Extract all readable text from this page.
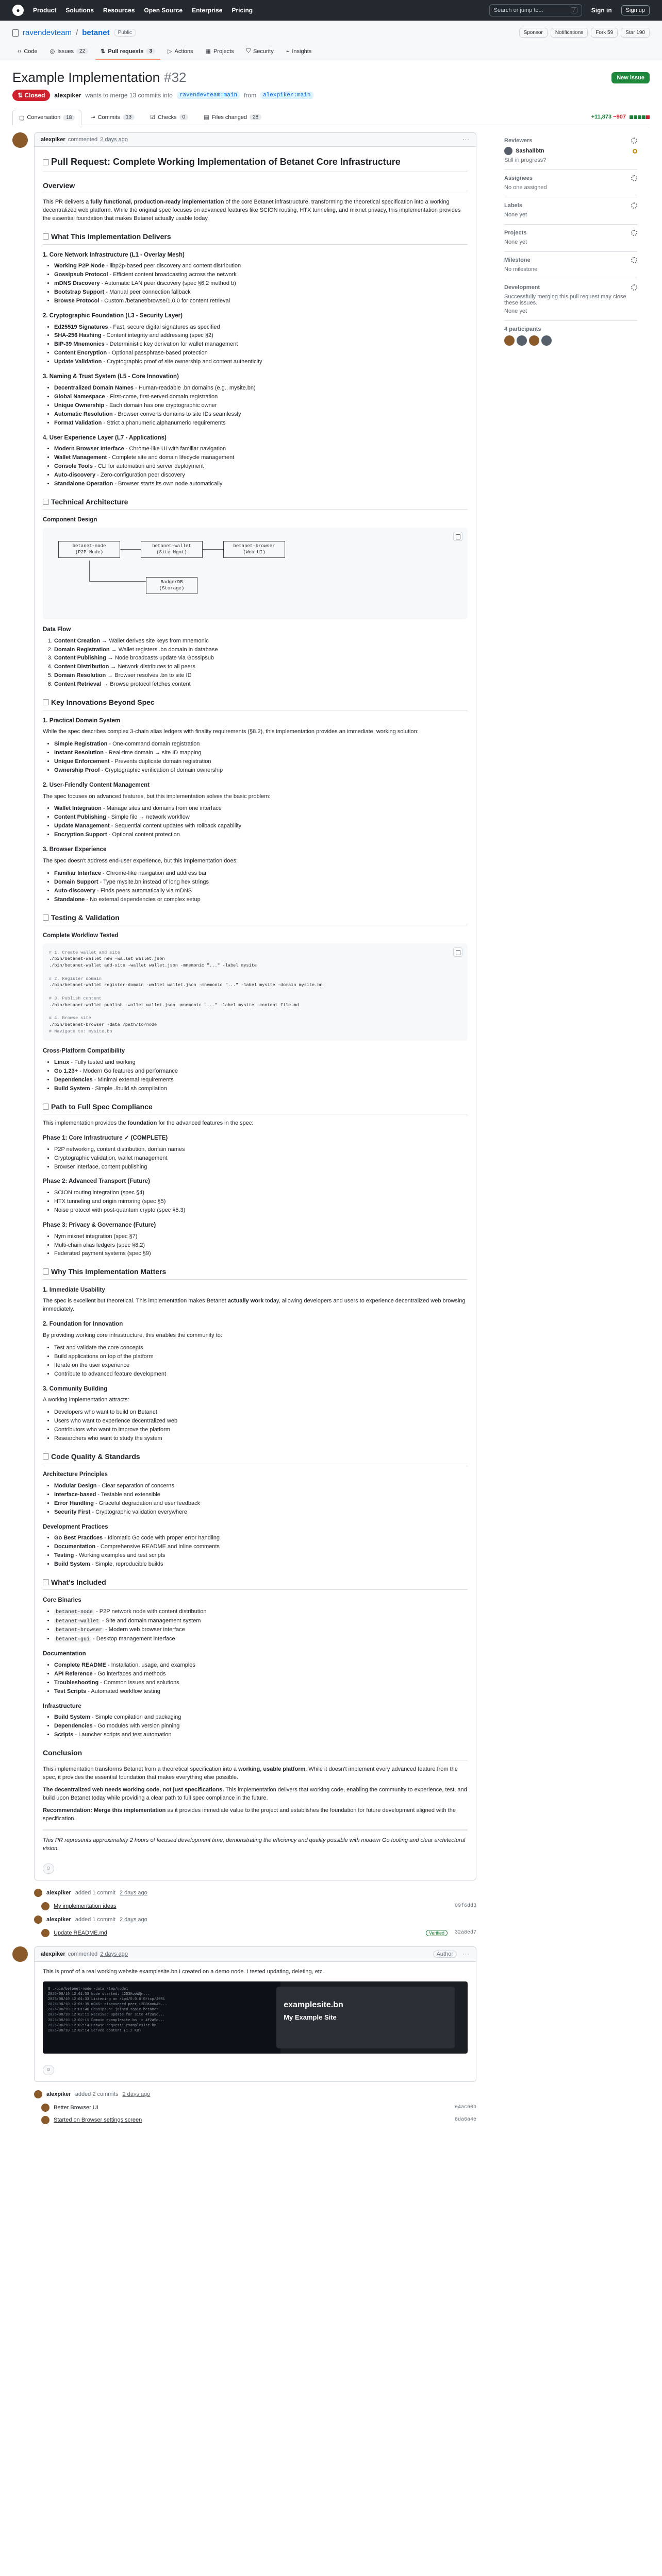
●	Product Solutions Resources Open Source Enterprise Pricing	Search or jump to...	/	Sign in	Sign up
ravendevteam / betanet	Public	Sponsor	Notifications	Fork 59	Star 190
‹› Code ◎ Issues	22	⇅ Pull requests	3	▷ Actions ▦ Projects ⛉ Security ⌁ Insights
Example Implementation #32	New issue
⇅ Closed	alexpiker wants to merge 13 commits into	ravendevteam:main	from	alexpiker:main
▢ Conversation	18	⊸ Commits	13	☑ Checks	0	▤ Files changed	28	+11,873 −907
alexpiker commented 2 days ago	···
Pull Request: Complete Working Implementation of Betanet Core Infrastructure
Overview

This PR delivers a fully functional, production-ready implementation of the core Betanet infrastructure, transforming the theoretical specification into a working decentralized web platform. While the original spec focuses on advanced features like SCION routing, HTX tunneling, and mixnet privacy, this implementation provides the essential foundation that makes Betanet actually usable today.

What This Implementation Delivers
1. Core Network Infrastructure (L1 - Overlay Mesh)
• Working P2P Node - libp2p-based peer discovery and content distribution
• Gossipsub Protocol - Efficient content broadcasting across the network
• mDNS Discovery - Automatic LAN peer discovery (spec §6.2 method b)
• Bootstrap Support - Manual peer connection fallback
• Browse Protocol - Custom /betanet/browse/1.0.0 for content retrieval
2. Cryptographic Foundation (L3 - Security Layer)
• Ed25519 Signatures - Fast, secure digital signatures as specified
• SHA-256 Hashing - Content integrity and addressing (spec §2)
• BIP-39 Mnemonics - Deterministic key derivation for wallet management
• Content Encryption - Optional passphrase-based protection
• Update Validation - Cryptographic proof of site ownership and content authenticity
3. Naming & Trust System (L5 - Core Innovation)
• Decentralized Domain Names - Human-readable .bn domains (e.g., mysite.bn)
• Global Namespace - First-come, first-served domain registration
• Unique Ownership - Each domain has one cryptographic owner
• Automatic Resolution - Browser converts domains to site IDs seamlessly
• Format Validation - Strict alphanumeric.alphanumeric requirements
4. User Experience Layer (L7 - Applications)
• Modern Browser Interface - Chrome-like UI with familiar navigation
• Wallet Management - Complete site and domain lifecycle management
• Console Tools - CLI for automation and server deployment
• Auto-discovery - Zero-configuration peer discovery
• Standalone Operation - Browser starts its own node automatically
Technical Architecture
Component Design
betanet-node
(P2P Node)
betanet-wallet
(Site Mgmt)
betanet-browser
(Web UI)
BadgerDB
(Storage)
Data Flow
1. Content Creation → Wallet derives site keys from mnemonic
2. Domain Registration → Wallet registers .bn domain in database
3. Content Publishing → Node broadcasts update via Gossipsub
4. Content Distribution → Network distributes to all peers
5. Domain Resolution → Browser resolves .bn to site ID
6. Content Retrieval → Browse protocol fetches content
Key Innovations Beyond Spec
1. Practical Domain System

While the spec describes complex 3-chain alias ledgers with finality requirements (§8.2), this implementation provides an immediate, working solution:

• Simple Registration - One-command domain registration
• Instant Resolution - Real-time domain → site ID mapping
• Unique Enforcement - Prevents duplicate domain registration
• Ownership Proof - Cryptographic verification of domain ownership
2. User-Friendly Content Management

The spec focuses on advanced features, but this implementation solves the basic problem:

• Wallet Integration - Manage sites and domains from one interface
• Content Publishing - Simple file → network workflow
• Update Management - Sequential content updates with rollback capability
• Encryption Support - Optional content protection
3. Browser Experience

The spec doesn't address end-user experience, but this implementation does:

• Familiar Interface - Chrome-like navigation and address bar
• Domain Support - Type mysite.bn instead of long hex strings
• Auto-discovery - Finds peers automatically via mDNS
• Standalone - No external dependencies or complex setup
Testing & Validation
Complete Workflow Tested
# 1. Create wallet and site
./bin/betanet-wallet new -wallet wallet.json
./bin/betanet-wallet add-site -wallet wallet.json -mnemonic "..." -label mysite

# 2. Register domain
./bin/betanet-wallet register-domain -wallet wallet.json -mnemonic "..." -label mysite -domain mysite.bn

# 3. Publish content
./bin/betanet-wallet publish -wallet wallet.json -mnemonic "..." -label mysite -content file.md

# 4. Browse site
./bin/betanet-browser -data /path/to/node
# Navigate to: mysite.bn
Cross-Platform Compatibility
• Linux - Fully tested and working
• Go 1.23+ - Modern Go features and performance
• Dependencies - Minimal external requirements
• Build System - Simple ./build.sh compilation
Path to Full Spec Compliance

This implementation provides the foundation for the advanced features in the spec:

Phase 1: Core Infrastructure ✓ (COMPLETE)
• P2P networking, content distribution, domain names
• Cryptographic validation, wallet management
• Browser interface, content publishing
Phase 2: Advanced Transport (Future)
• SCION routing integration (spec §4)
• HTX tunneling and origin mirroring (spec §5)
• Noise protocol with post-quantum crypto (spec §5.3)
Phase 3: Privacy & Governance (Future)
• Nym mixnet integration (spec §7)
• Multi-chain alias ledgers (spec §8.2)
• Federated payment systems (spec §9)
Why This Implementation Matters
1. Immediate Usability

The spec is excellent but theoretical. This implementation makes Betanet actually work today, allowing developers and users to experience decentralized web browsing immediately.

2. Foundation for Innovation

By providing working core infrastructure, this enables the community to:

• Test and validate the core concepts
• Build applications on top of the platform
• Iterate on the user experience
• Contribute to advanced feature development
3. Community Building

A working implementation attracts:

• Developers who want to build on Betanet
• Users who want to experience decentralized web
• Contributors who want to improve the platform
• Researchers who want to study the system
Code Quality & Standards
Architecture Principles
• Modular Design - Clear separation of concerns
• Interface-based - Testable and extensible
• Error Handling - Graceful degradation and user feedback
• Security First - Cryptographic validation everywhere
Development Practices
• Go Best Practices - Idiomatic Go code with proper error handling
• Documentation - Comprehensive README and inline comments
• Testing - Working examples and test scripts
• Build System - Simple, reproducible builds
What's Included
Core Binaries
• betanet-node - P2P network node with content distribution
• betanet-wallet - Site and domain management system
• betanet-browser - Modern web browser interface
• betanet-gui - Desktop management interface
Documentation
• Complete README - Installation, usage, and examples
• API Reference - Go interfaces and methods
• Troubleshooting - Common issues and solutions
• Test Scripts - Automated workflow testing
Infrastructure
• Build System - Simple compilation and packaging
• Dependencies - Go modules with version pinning
• Scripts - Launcher scripts and test automation
Conclusion

This implementation transforms Betanet from a theoretical specification into a working, usable platform. While it doesn't implement every advanced feature from the spec, it provides the essential foundation that makes everything else possible.

The decentralized web needs working code, not just specifications. This implementation delivers that working code, enabling the community to experience, test, and build upon Betanet today while providing a clear path to full spec compliance in the future.

Recommendation: Merge this implementation as it provides immediate value to the project and establishes the foundation for future development aligned with the specification.

This PR represents approximately 2 hours of focused development time, demonstrating the efficiency and quality possible with modern Go tooling and clear architectural vision.

☺
alexpiker added 1 commit 2 days ago
My implementation ideas	09f6dd3
alexpiker added 1 commit 2 days ago
Update README.md	Verified	32a8ed7
alexpiker commented 2 days ago	Author	···

This is proof of a real working website examplesite.bn I created on a demo node. I tested updating, deleting, etc.

$ ./bin/betanet-node -data /tmp/node1
2025/08/10 12:01:33 Node started: 12D3KooWQm...
2025/08/10 12:01:33 Listening on /ip4/0.0.0.0/tcp/4001
2025/08/10 12:01:35 mDNS: discovered peer 12D3KooWAb...
2025/08/10 12:01:40 Gossipsub: joined topic betanet
2025/08/10 12:02:11 Received update for site 4f2a9c...
2025/08/10 12:02:11 Domain examplesite.bn -> 4f2a9c...
2025/08/10 12:02:14 Browse request: examplesite.bn
2025/08/10 12:02:14 Served content (1.2 KB)
examplesite.bn
My Example Site
☺
alexpiker added 2 commits 2 days ago
Better Browser UI	e4ac60b
Started on Browser settings screen	8da6a4e
Reviewers
Sashallbtn
Still in progress?
Assignees
No one assigned
Labels
None yet
Projects
None yet
Milestone
No milestone
Development
Successfully merging this pull request may close these issues.
None yet
4 participants
